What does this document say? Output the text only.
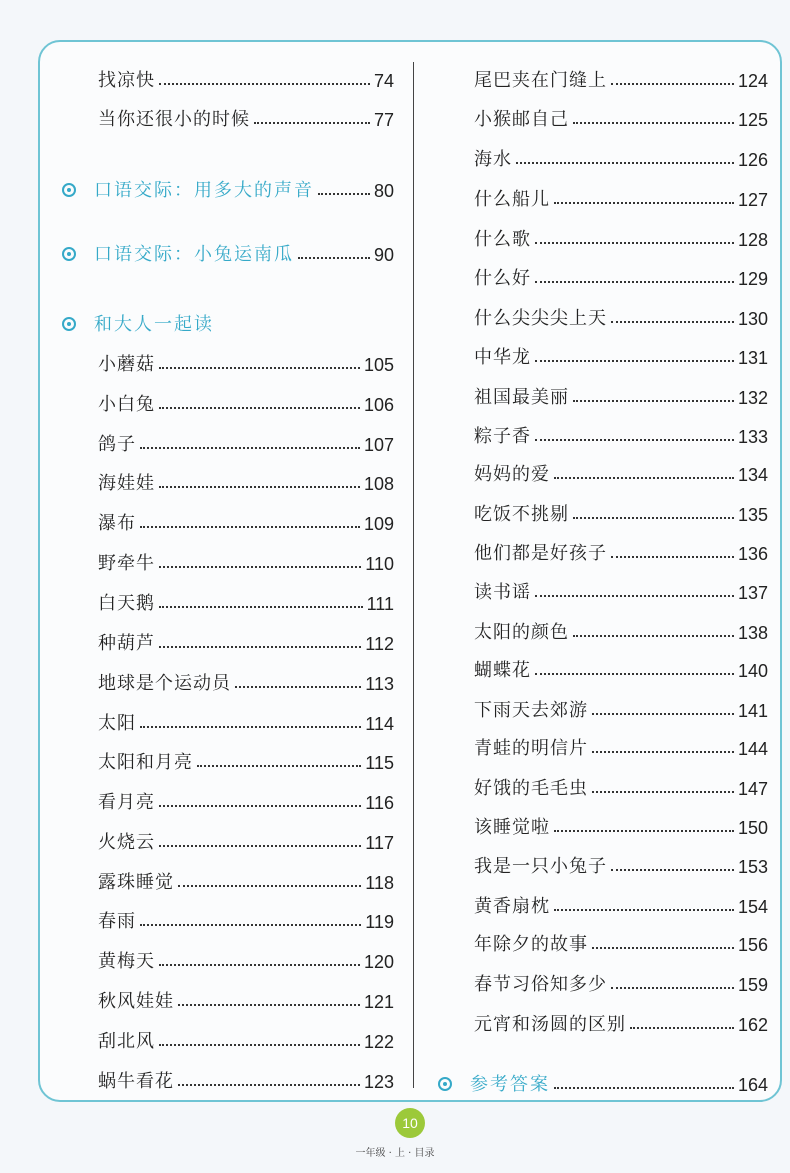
找凉快	74
当你还很小的时候	77
口语交际：用多大的声音	80
口语交际：小兔运南瓜	90
和大人一起读
小蘑菇	105
小白兔	106
鸽子	107
海娃娃	108
瀑布	109
野牵牛	110
白天鹅	111
种葫芦	112
地球是个运动员	113
太阳	114
太阳和月亮	115
看月亮	116
火烧云	117
露珠睡觉	118
春雨	119
黄梅天	120
秋风娃娃	121
刮北风	122
蜗牛看花	123
尾巴夹在门缝上	124
小猴邮自己	125
海水	126
什么船儿	127
什么歌	128
什么好	129
什么尖尖尖上天	130
中华龙	131
祖国最美丽	132
粽子香	133
妈妈的爱	134
吃饭不挑剔	135
他们都是好孩子	136
读书谣	137
太阳的颜色	138
蝴蝶花	140
下雨天去郊游	141
青蛙的明信片	144
好饿的毛毛虫	147
该睡觉啦	150
我是一只小兔子	153
黄香扇枕	154
年除夕的故事	156
春节习俗知多少	159
元宵和汤圆的区别	162
参考答案	164
10
一年级 · 上 · 目录
